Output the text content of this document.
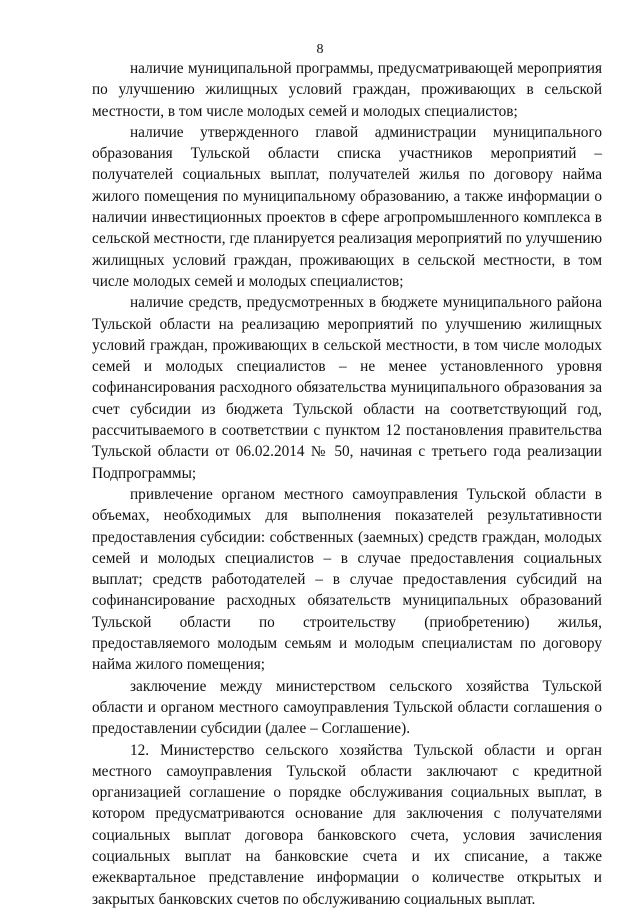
8

наличие муниципальной программы, предусматривающей мероприятия по улучшению жилищных условий граждан, проживающих в сельской местности, в том числе молодых семей и молодых специалистов;

наличие утвержденного главой администрации муниципального образования Тульской области списка участников мероприятий – получателей социальных выплат, получателей жилья по договору найма жилого помещения по муниципальному образованию, а также информации о наличии инвестиционных проектов в сфере агропромышленного комплекса в сельской местности, где планируется реализация мероприятий по улучшению жилищных условий граждан, проживающих в сельской местности, в том числе молодых семей и молодых специалистов;

наличие средств, предусмотренных в бюджете муниципального района Тульской области на реализацию мероприятий по улучшению жилищных условий граждан, проживающих в сельской местности, в том числе молодых семей и молодых специалистов – не менее установленного уровня софинансирования расходного обязательства муниципального образования за счет субсидии из бюджета Тульской области на соответствующий год, рассчитываемого в соответствии с пунктом 12 постановления правительства Тульской области от 06.02.2014 № 50, начиная с третьего года реализации Подпрограммы;

привлечение органом местного самоуправления Тульской области в объемах, необходимых для выполнения показателей результативности предоставления субсидии: собственных (заемных) средств граждан, молодых семей и молодых специалистов – в случае предоставления социальных выплат; средств работодателей – в случае предоставления субсидий на софинансирование расходных обязательств муниципальных образований Тульской области по строительству (приобретению) жилья, предоставляемого молодым семьям и молодым специалистам по договору найма жилого помещения;

заключение между министерством сельского хозяйства Тульской области и органом местного самоуправления Тульской области соглашения о предоставлении субсидии (далее – Соглашение).

12. Министерство сельского хозяйства Тульской области и орган местного самоуправления Тульской области заключают с кредитной организацией соглашение о порядке обслуживания социальных выплат, в котором предусматриваются основание для заключения с получателями социальных выплат договора банковского счета, условия зачисления социальных выплат на банковские счета и их списание, а также ежеквартальное представление информации о количестве открытых и закрытых банковских счетов по обслуживанию социальных выплат.
